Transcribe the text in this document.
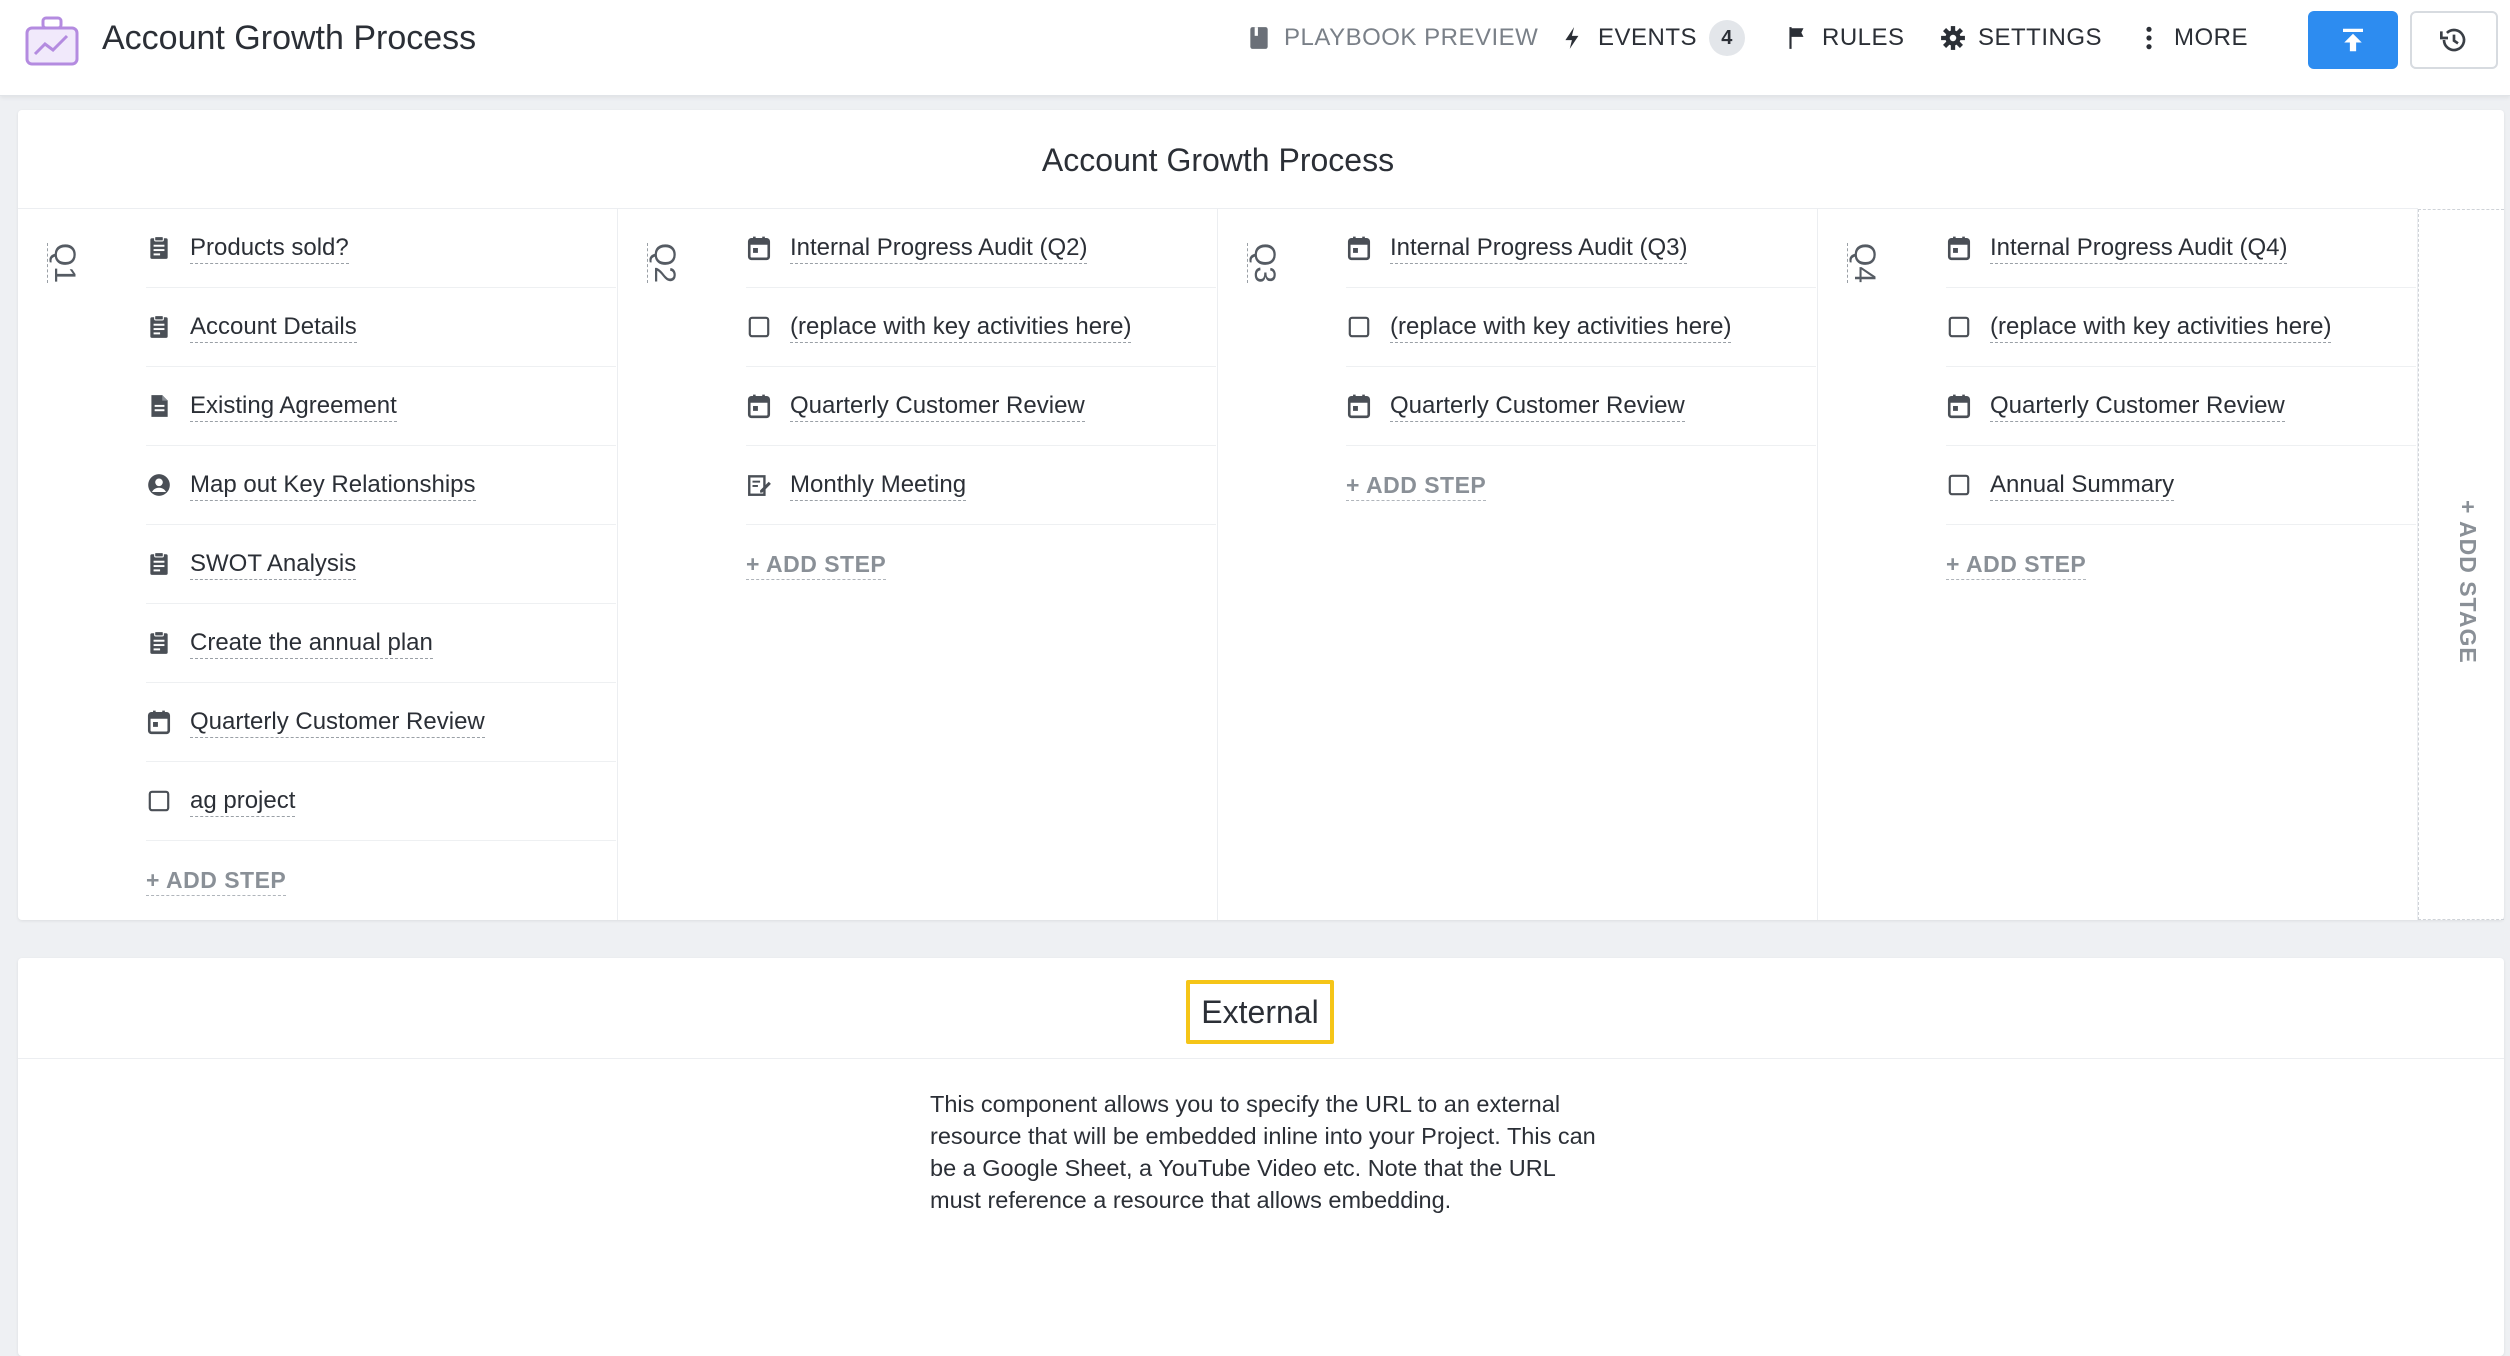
Account Growth Process	PLAYBOOK PREVIEW EVENTS	4	RULES	SETTINGS	MORE
Account Growth Process
Q1	Products sold?
Account Details
Existing Agreement
Map out Key Relationships
SWOT Analysis
Create the annual plan
Quarterly Customer Review
ag project
+ ADD STEP
Q2	Internal Progress Audit (Q2)
(replace with key activities here)
Quarterly Customer Review
Monthly Meeting
+ ADD STEP
Q3	Internal Progress Audit (Q3)
(replace with key activities here)
Quarterly Customer Review
+ ADD STEP
Q4	Internal Progress Audit (Q4)
(replace with key activities here)
Quarterly Customer Review
Annual Summary
+ ADD STEP	+ ADD STAGE
External
This component allows you to specify the URL to an external resource that will be embedded inline into your Project. This can be a Google Sheet, a YouTube Video etc. Note that the URL must reference a resource that allows embedding.
